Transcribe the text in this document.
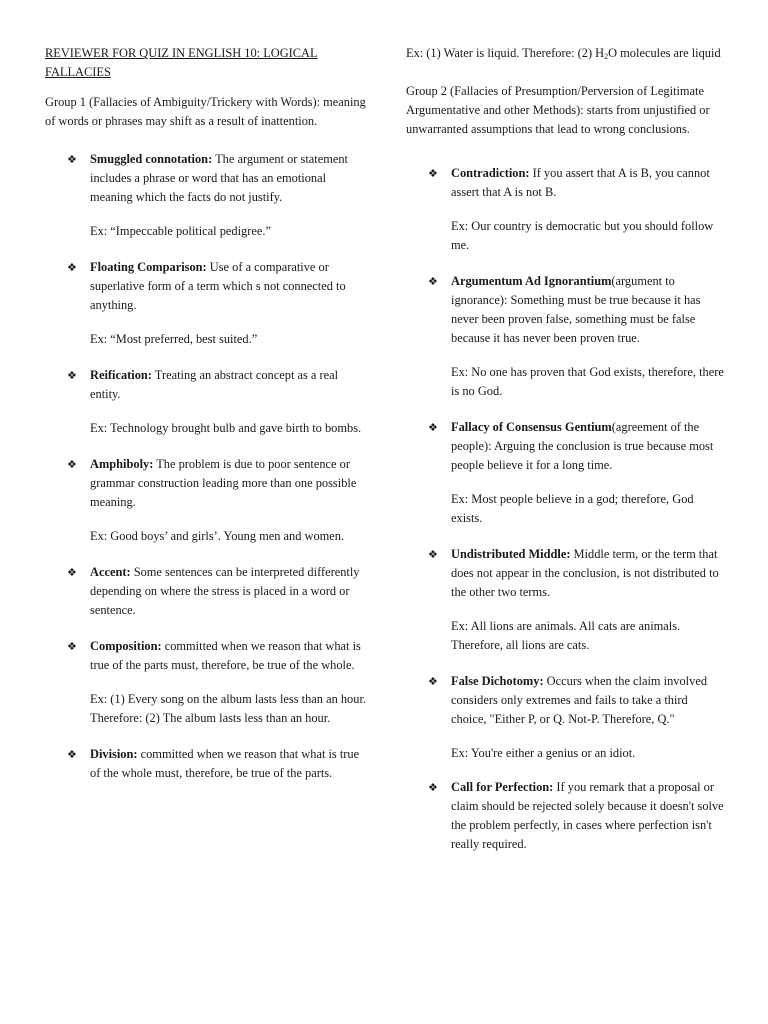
REVIEWER FOR QUIZ IN ENGLISH 10: LOGICAL FALLACIES
Group 1 (Fallacies of Ambiguity/Trickery with Words): meaning of words or phrases may shift as a result of inattention.
❖	Smuggled connotation: The argument or statement includes a phrase or word that has an emotional meaning which the facts do not justify.
Ex: “Impeccable political pedigree.”
❖	Floating Comparison: Use of a comparative or superlative form of a term which s not connected to anything.
Ex: “Most preferred, best suited.”
❖	Reification: Treating an abstract concept as a real entity.
Ex: Technology brought bulb and gave birth to bombs.
❖	Amphiboly: The problem is due to poor sentence or grammar construction leading more than one possible meaning.
Ex: Good boys’ and girls’. Young men and women.
❖	Accent: Some sentences can be interpreted differently depending on where the stress is placed in a word or sentence.
❖	Composition: committed when we reason that what is true of the parts must, therefore, be true of the whole.
Ex: (1) Every song on the album lasts less than an hour. Therefore: (2) The album lasts less than an hour.
❖	Division: committed when we reason that what is true of the whole must, therefore, be true of the parts.
Ex: (1) Water is liquid. Therefore: (2) $H_2O$ molecules are liquid
Group 2 (Fallacies of Presumption/Perversion of Legitimate Argumentative and other Methods): starts from unjustified or unwarranted assumptions that lead to wrong conclusions.
❖	Contradiction: If you assert that A is B, you cannot assert that A is not B.
Ex: Our country is democratic but you should follow me.
❖	Argumentum Ad Ignorantium(argument to ignorance): Something must be true because it has never been proven false, something must be false because it has never been proven true.
Ex: No one has proven that God exists, therefore, there is no God.
❖	Fallacy of Consensus Gentium(agreement of the people): Arguing the conclusion is true because most people believe it for a long time.
Ex: Most people believe in a god; therefore, God exists.
❖	Undistributed Middle: Middle term, or the term that does not appear in the conclusion, is not distributed to the other two terms.
Ex: All lions are animals. All cats are animals. Therefore, all lions are cats.
❖	False Dichotomy: Occurs when the claim involved considers only extremes and fails to take a third choice, "Either P, or Q. Not-P. Therefore, Q."
Ex: You're either a genius or an idiot.
❖	Call for Perfection: If you remark that a proposal or claim should be rejected solely because it doesn't solve the problem perfectly, in cases where perfection isn't really required.
